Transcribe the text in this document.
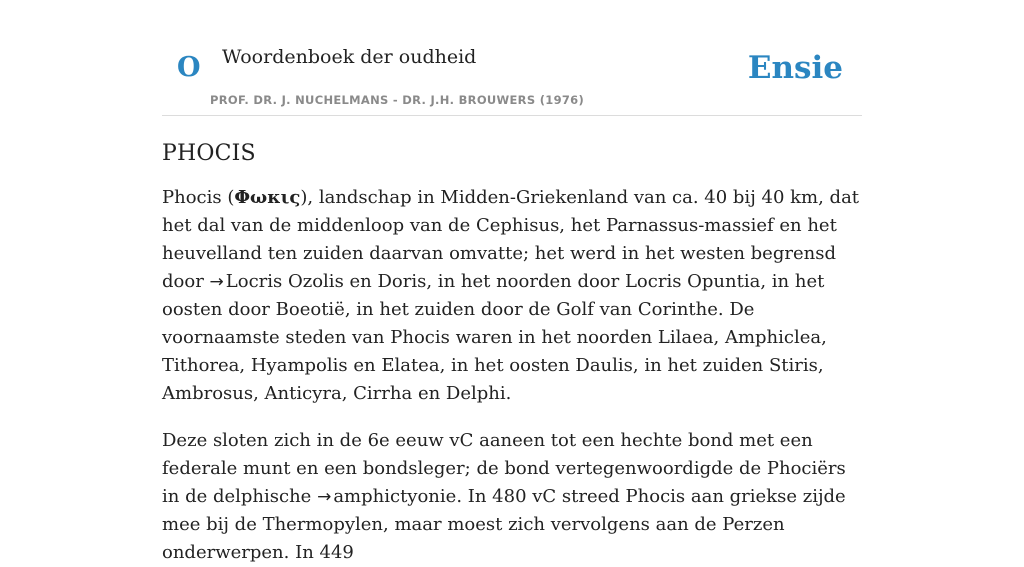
O Woordenboek der oudheid
PROF. DR. J. NUCHELMANS - DR. J.H. BROUWERS (1976)
Ensie
PHOCIS

Phocis (Φωκις), landschap in Midden-Griekenland van ca. 40 bij 40 km, dat het dal van de middenloop van de Cephisus, het Parnassus-massief en het heuvelland ten zuiden daarvan omvatte; het werd in het westen begrensd door → Locris Ozolis en Doris, in het noorden door Locris Opuntia, in het oosten door Boeotië, in het zuiden door de Golf van Corinthe. De voornaamste steden van Phocis waren in het noorden Lilaea, Amphiclea, Tithorea, Hyampolis en Elatea, in het oosten Daulis, in het zuiden Stiris, Ambrosus, Anticyra, Cirrha en Delphi.

Deze sloten zich in de 6e eeuw vC aaneen tot een hechte bond met een federale munt en een bondsleger; de bond vertegenwoordigde de Phociërs in de delphische → amphictyonie. In 480 vC streed Phocis aan griekse zijde mee bij de Thermopylen, maar moest zich vervolgens aan de Perzen onderwerpen. In 449
